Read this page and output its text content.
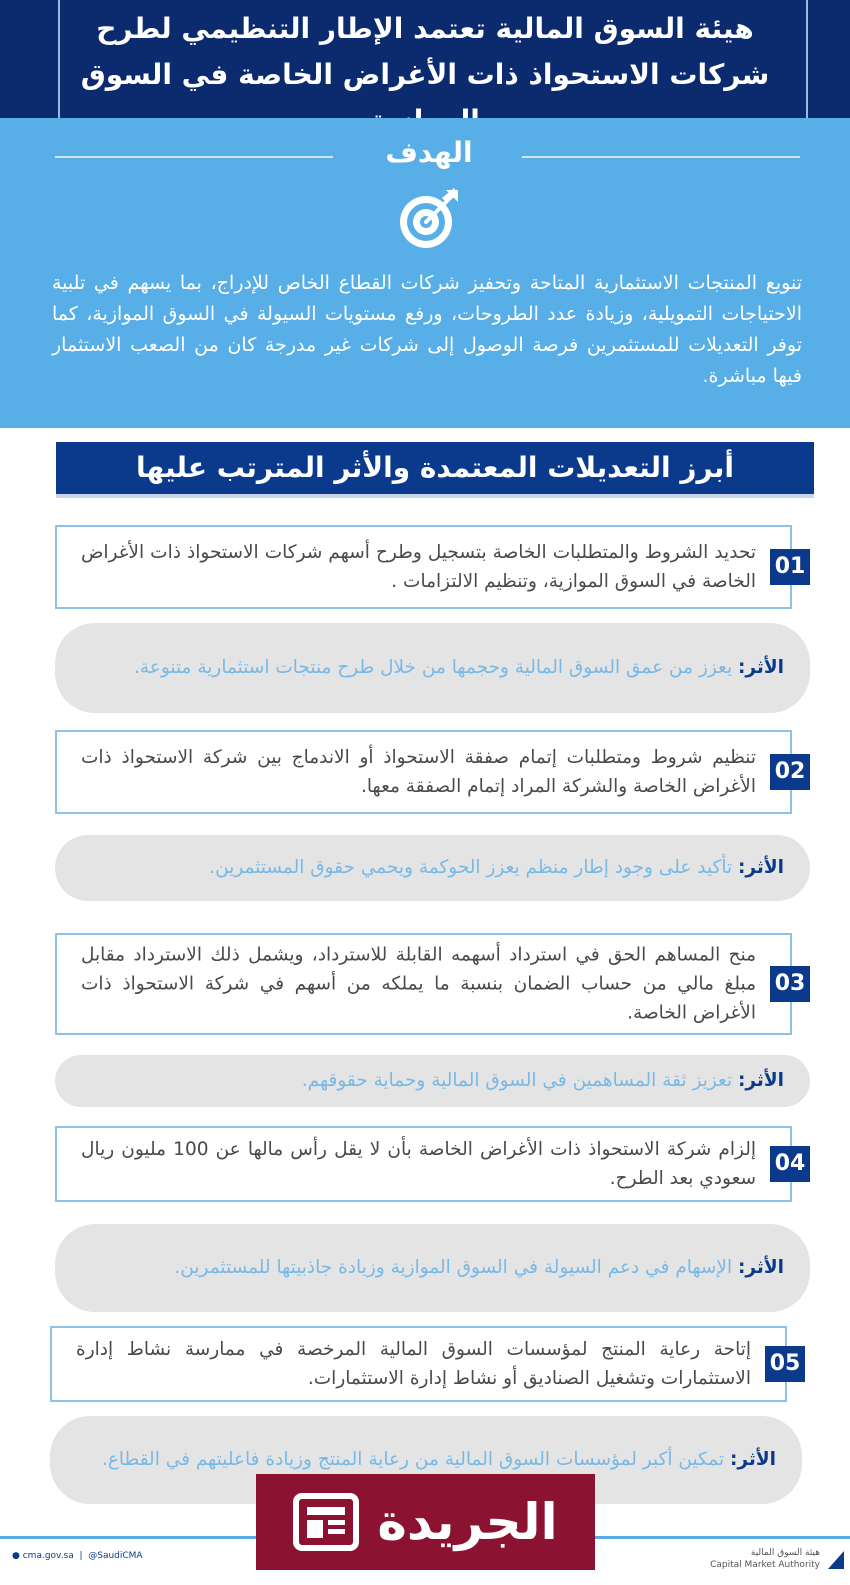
هيئة السوق المالية تعتمد الإطار التنظيمي لطرح شركات الاستحواذ ذات الأغراض الخاصة في السوق
الهدف
تنويع المنتجات الاستثمارية المتاحة وتحفيز شركات القطاع الخاص للإدراج، بما يسهم في تلبية الاحتياجات التمويلية، وزيادة عدد الطروحات، ورفع مستويات السيولة في السوق الموازية، كما توفر التعديلات للمستثمرين فرصة الوصول إلى شركات غير مدرجة كان من الصعب الاستثمار فيها مباشرة.
أبرز التعديلات المعتمدة والأثر المترتب عليها
تحديد الشروط والمتطلبات الخاصة بتسجيل وطرح أسهم شركات الاستحواذ ذات الأغراض الخاصة في السوق الموازية، وتنظيم الالتزامات .
01
الأثر: يعزز من عمق السوق المالية وحجمها من خلال طرح منتجات استثمارية متنوعة.
تنظيم شروط ومتطلبات إتمام صفقة الاستحواذ أو الاندماج بين شركة الاستحواذ ذات الأغراض الخاصة والشركة المراد إتمام الصفقة معها.
02
الأثر: تأكيد على وجود إطار منظم يعزز الحوكمة ويحمي حقوق المستثمرين.
منح المساهم الحق في استرداد أسهمه القابلة للاسترداد، ويشمل ذلك الاسترداد مقابل مبلغ مالي من حساب الضمان بنسبة ما يملكه من أسهم في شركة الاستحواذ ذات الأغراض الخاصة.
03
الأثر: تعزيز ثقة المساهمين في السوق المالية وحماية حقوقهم.
إلزام شركة الاستحواذ ذات الأغراض الخاصة بأن لا يقل رأس مالها عن 100 مليون ريال سعودي بعد الطرح.
04
الأثر: الإسهام في دعم السيولة في السوق الموازية وزيادة جاذبيتها للمستثمرين.
إتاحة رعاية المنتج لمؤسسات السوق المالية المرخصة في ممارسة نشاط إدارة الاستثمارات وتشغيل الصناديق أو نشاط إدارة الاستثمارات.
05
الأثر: تمكين أكبر لمؤسسات السوق المالية من رعاية المنتج وزيادة فاعليتهم في القطاع.
● cma.gov.sa  |  @SaudiCMA	هيئة السوق المالية
Capital Market Authority
الجريدة
